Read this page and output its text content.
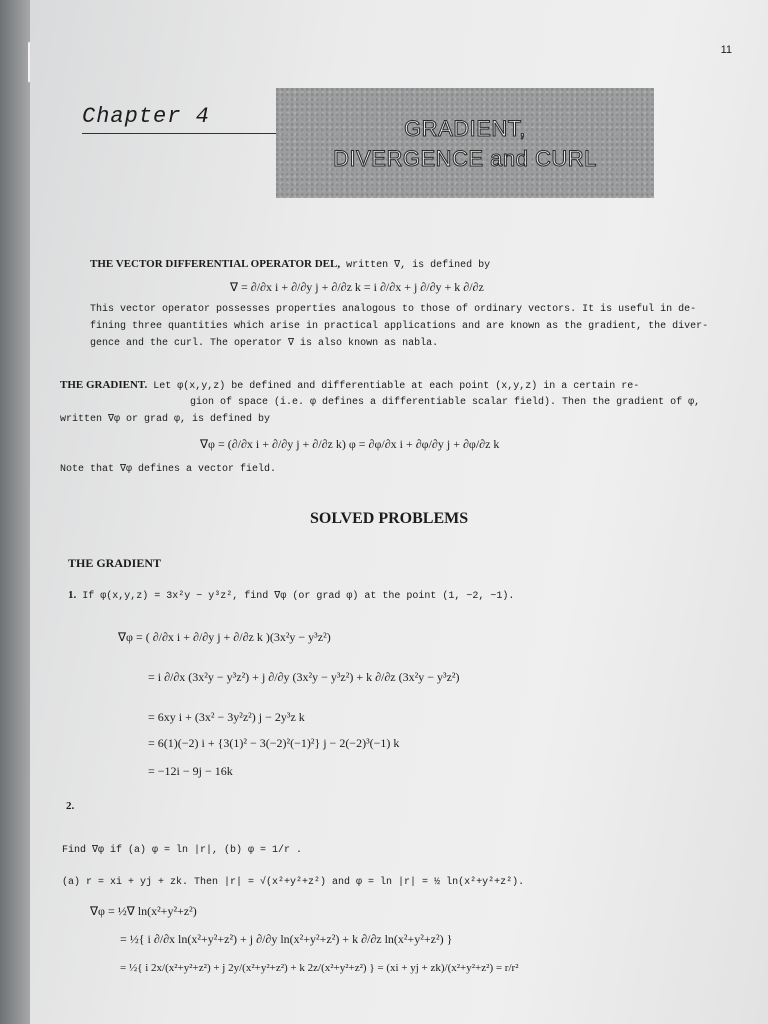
11
Chapter 4	GRADIENT,
DIVERGENCE and CURL
THE VECTOR DIFFERENTIAL OPERATOR DEL, written ∇, is defined by
∇ = ∂/∂x i + ∂/∂y j + ∂/∂z k = i ∂/∂x + j ∂/∂y + k ∂/∂z
This vector operator possesses properties analogous to those of ordinary vectors. It is useful in de-
fining three quantities which arise in practical applications and are known as the gradient, the diver-
gence and the curl. The operator ∇ is also known as nabla.
THE GRADIENT. Let φ(x,y,z) be defined and differentiable at each point (x,y,z) in a certain re-
gion of space (i.e. φ defines a differentiable scalar field). Then the gradient of φ,
written ∇φ or grad φ, is defined by
∇φ = (∂/∂x i + ∂/∂y j + ∂/∂z k) φ = ∂φ/∂x i + ∂φ/∂y j + ∂φ/∂z k
Note that ∇φ defines a vector field.
SOLVED PROBLEMS
THE GRADIENT
1. If φ(x,y,z) = 3x²y − y³z², find ∇φ (or grad φ) at the point (1, −2, −1).
∇φ = ( ∂/∂x i + ∂/∂y j + ∂/∂z k )(3x²y − y³z²)
= i ∂/∂x (3x²y − y³z²) + j ∂/∂y (3x²y − y³z²) + k ∂/∂z (3x²y − y³z²)
= 6xy i + (3x² − 3y²z²) j − 2y³z k
= 6(1)(−2) i + {3(1)² − 3(−2)²(−1)²} j − 2(−2)³(−1) k
= −12i − 9j − 16k
2.
Find ∇φ if (a) φ = ln |r|, (b) φ = 1/r .
(a) r = xi + yj + zk. Then |r| = √(x²+y²+z²) and φ = ln |r| = ½ ln(x²+y²+z²).
∇φ = ½∇ ln(x²+y²+z²)
= ½{ i ∂/∂x ln(x²+y²+z²) + j ∂/∂y ln(x²+y²+z²) + k ∂/∂z ln(x²+y²+z²) }
= ½{ i 2x/(x²+y²+z²) + j 2y/(x²+y²+z²) + k 2z/(x²+y²+z²) } = (xi + yj + zk)/(x²+y²+z²) = r/r²
